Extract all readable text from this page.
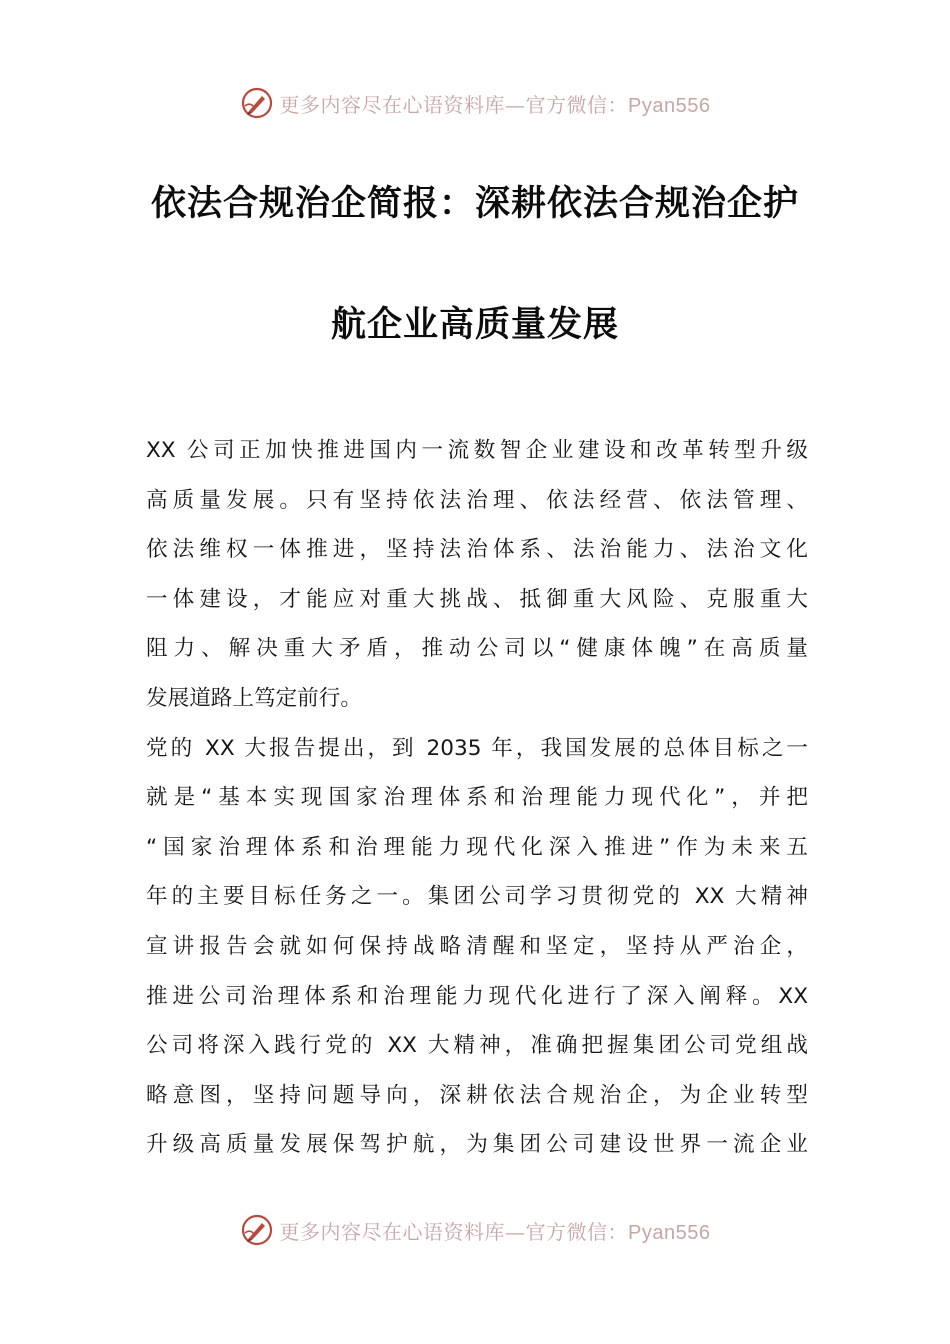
更多内容尽在心语资料库—官方微信：Pyan556
依法合规治企简报：深耕依法合规治企护
航企业高质量发展
XX 公司正加快推进国内一流数智企业建设和改革转型升级
高质量发展。只有坚持依法治理、依法经营、依法管理、
依法维权一体推进，坚持法治体系、法治能力、法治文化
一体建设，才能应对重大挑战、抵御重大风险、克服重大
阻力、解决重大矛盾，推动公司以“健康体魄”在高质量
发展道路上笃定前行。
党的 XX 大报告提出，到 2035 年，我国发展的总体目标之一
就是“基本实现国家治理体系和治理能力现代化”，并把
“国家治理体系和治理能力现代化深入推进”作为未来五
年的主要目标任务之一。集团公司学习贯彻党的 XX 大精神
宣讲报告会就如何保持战略清醒和坚定，坚持从严治企，
推进公司治理体系和治理能力现代化进行了深入阐释。XX
公司将深入践行党的 XX 大精神，准确把握集团公司党组战
略意图，坚持问题导向，深耕依法合规治企，为企业转型
升级高质量发展保驾护航，为集团公司建设世界一流企业
更多内容尽在心语资料库—官方微信：Pyan556
